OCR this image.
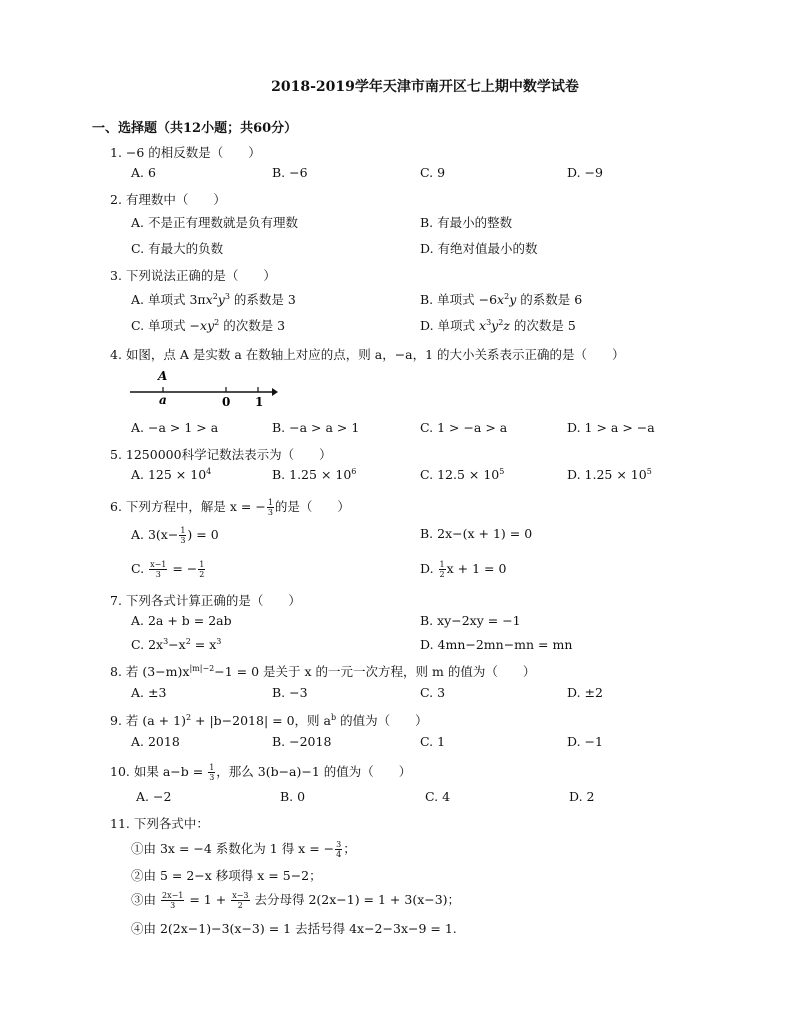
2018-2019学年天津市南开区七上期中数学试卷
一、选择题（共12小题；共60分）
1. −6 的相反数是（　　）
A. 6	B. −6	C. 9	D. −9
2. 有理数中（　　）
A. 不是正有理数就是负有理数	B. 有最小的整数
C. 有最大的负数	D. 有绝对值最小的数
3. 下列说法正确的是（　　）
A. 单项式 $3\pi x^2y^3$ 的系数是 3	B. 单项式 $-6x^2y$ 的系数是 6
C. 单项式 $-xy^2$ 的次数是 3	D. 单项式 $x^3y^2z$ 的次数是 5
4. 如图，点 A 是实数 a 在数轴上对应的点，则 a，−a，1 的大小关系表示正确的是（　　）
A
a	0 1
A. −a > 1 > a	B. −a > a > 1	C. 1 > −a > a	D. 1 > a > −a
5. 1250000科学记数法表示为（　　）
A. $125 \times 10^4$	B. $1.25 \times 10^6$	C. $12.5 \times 10^5$	D. $1.25 \times 10^5$
6. 下列方程中，解是 x = − $\frac{1}{3}$ 的是（　　）
A. $3(x- \frac{1}{3}$ ) = 0	B. 2x−(x + 1) = 0
C. $\frac{x-1}{3}$ = − $\frac{1}{2}$	D. $\frac{1}{2}$ x + 1 = 0
7. 下列各式计算正确的是（　　）
A. 2a + b = 2ab	B. xy−2xy = −1
C. $2x^3-x^2 = x^3$	D. 4mn−2mn−mn = mn
8. 若 $(3-m)x^{|m|-2}-1 = 0$ 是关于 x 的一元一次方程，则 m 的值为（　　）
A. ±3	B. −3	C. 3	D. ±2
9. 若 $(a + 1)^2 + |b-2018| = 0$，则 $a^b$ 的值为（　　）
A. 2018	B. −2018	C. 1	D. −1
10. 如果 $a-b = \frac{1}{3}$ ，那么 3(b−a)−1 的值为（　　）
A. −2	B. 0	C. 4	D. 2
11. 下列各式中：
①由 3x = −4 系数化为 1 得 x = − $\frac{3}{4}$ ；
②由 5 = 2−x 移项得 x = 5−2；
③由 $\frac{2x-1}{3} = 1 + \frac{x-3}{2}$ 去分母得 2(2x−1) = 1 + 3(x−3)；
④由 2(2x−1)−3(x−3) = 1 去括号得 4x−2−3x−9 = 1.
